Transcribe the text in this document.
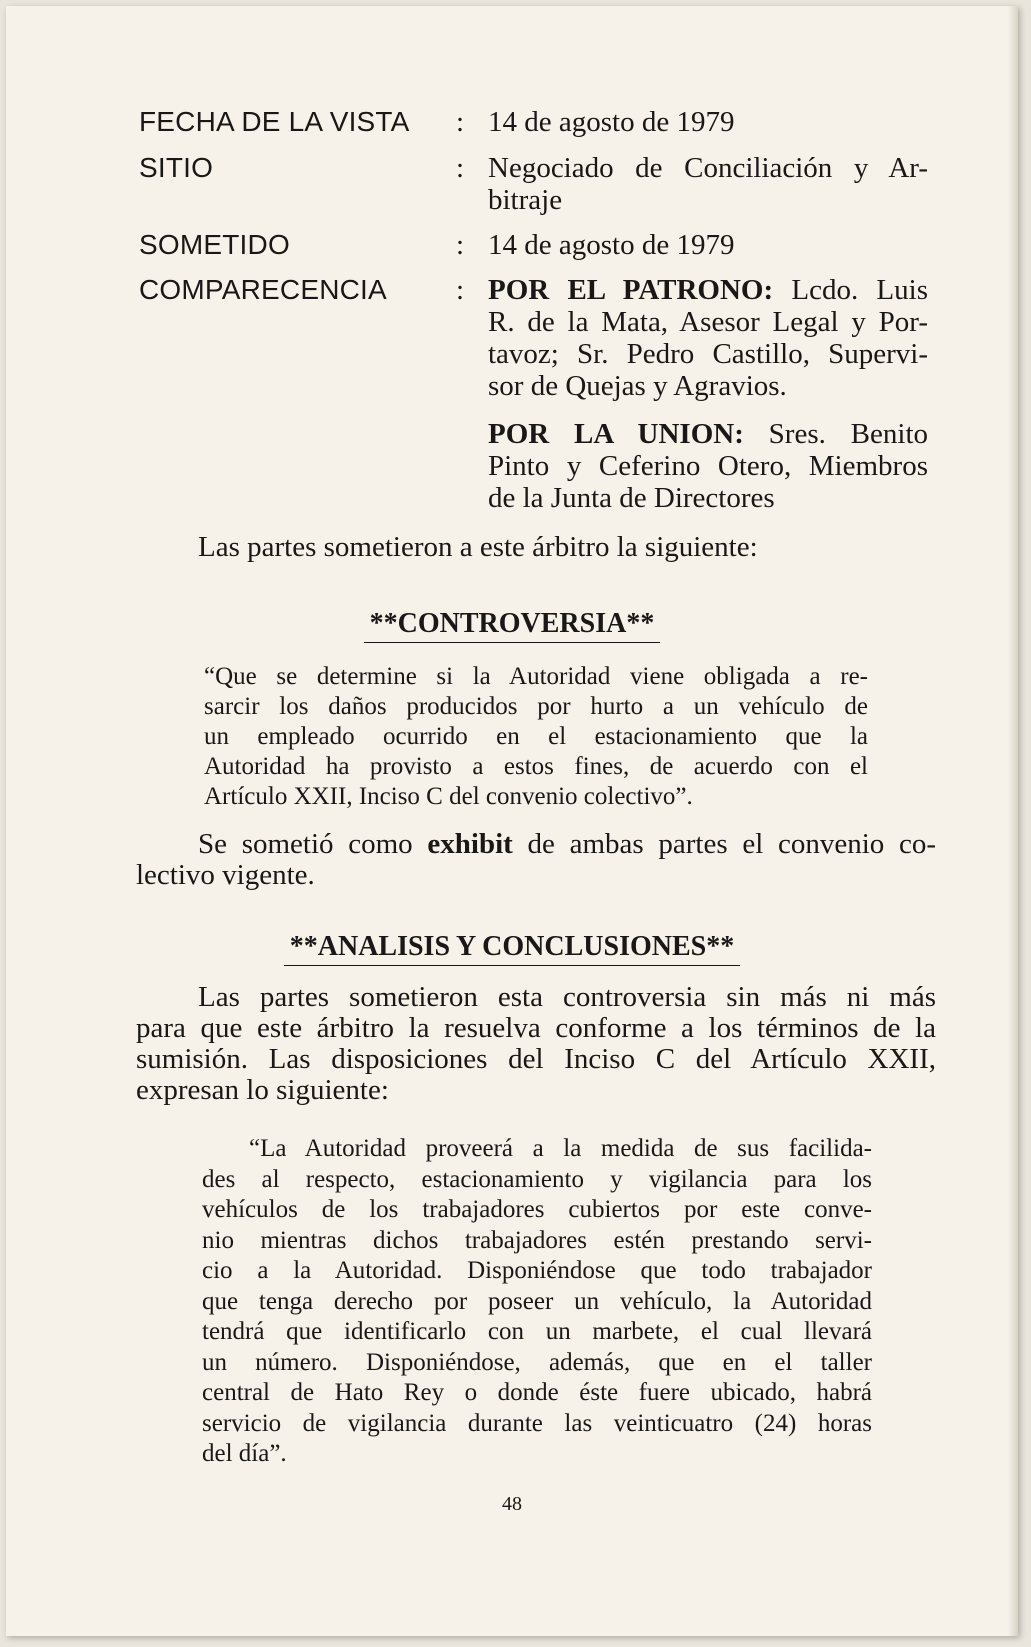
FECHA DE LA VISTA : 14 de agosto de 1979
SITIO	: Negociado de Conciliación y Ar-
bitraje
SOMETIDO	: 14 de agosto de 1979
COMPARECENCIA : POR EL PATRONO: Lcdo. Luis
R. de la Mata, Asesor Legal y Por-
tavoz; Sr. Pedro Castillo, Supervi-
sor de Quejas y Agravios.
POR LA UNION: Sres. Benito
Pinto y Ceferino Otero, Miembros
de la Junta de Directores
Las partes sometieron a este árbitro la siguiente:
**CONTROVERSIA**
“Que se determine si la Autoridad viene obligada a re-
sarcir los daños producidos por hurto a un vehículo de
un empleado ocurrido en el estacionamiento que la
Autoridad ha provisto a estos fines, de acuerdo con el
Artículo XXII, Inciso C del convenio colectivo”.
Se sometió como exhibit de ambas partes el convenio co-
lectivo vigente.
**ANALISIS Y CONCLUSIONES**
Las partes sometieron esta controversia sin más ni más
para que este árbitro la resuelva conforme a los términos de la
sumisión. Las disposiciones del Inciso C del Artículo XXII,
expresan lo siguiente:
“La Autoridad proveerá a la medida de sus facilida-
des al respecto, estacionamiento y vigilancia para los
vehículos de los trabajadores cubiertos por este conve-
nio mientras dichos trabajadores estén prestando servi-
cio a la Autoridad. Disponiéndose que todo trabajador
que tenga derecho por poseer un vehículo, la Autoridad
tendrá que identificarlo con un marbete, el cual llevará
un número. Disponiéndose, además, que en el taller
central de Hato Rey o donde éste fuere ubicado, habrá
servicio de vigilancia durante las veinticuatro (24) horas
del día”.
48
